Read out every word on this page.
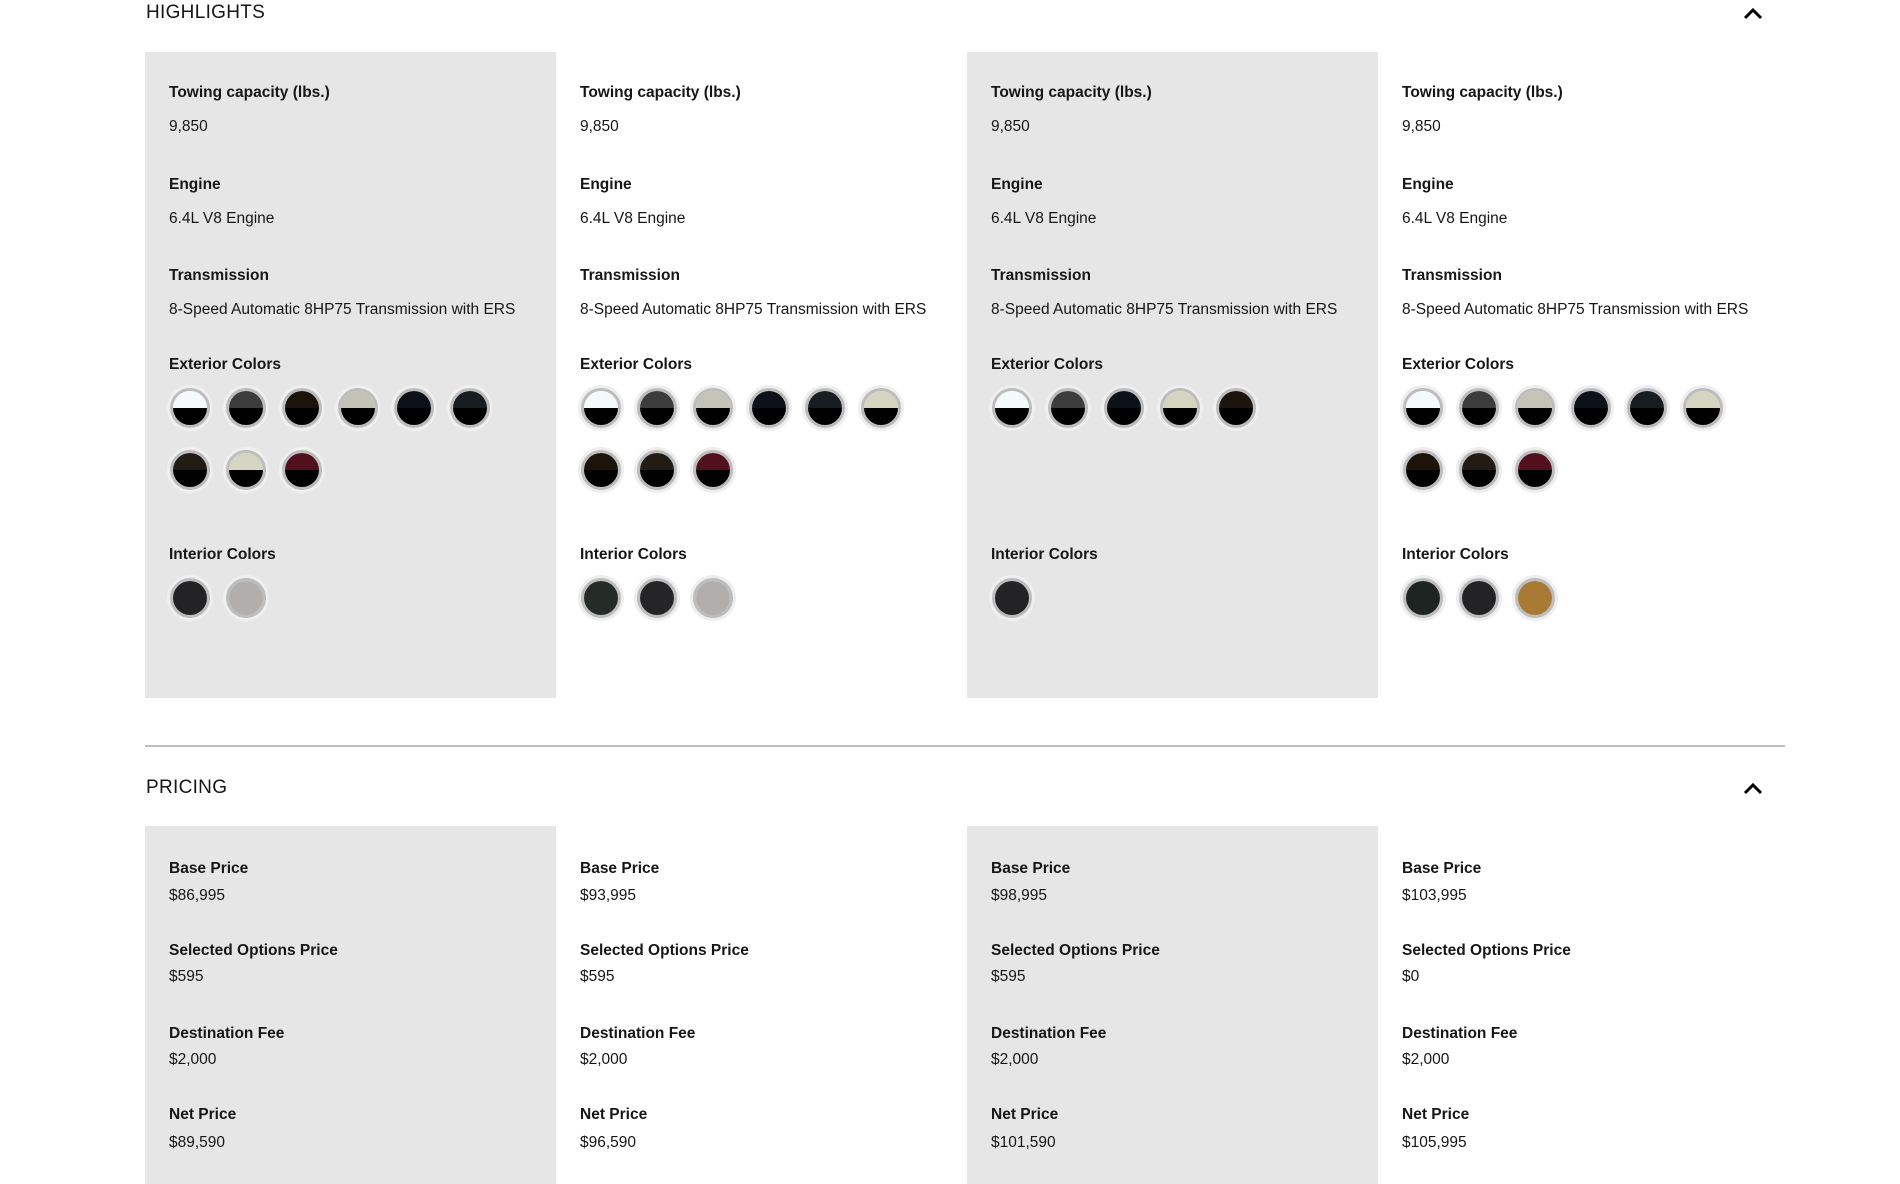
HIGHLIGHTS
Towing capacity (lbs.)
9,850
Engine
6.4L V8 Engine
Transmission
8-Speed Automatic 8HP75 Transmission with ERS
Exterior Colors
Interior Colors
Towing capacity (lbs.)
9,850
Engine
6.4L V8 Engine
Transmission
8-Speed Automatic 8HP75 Transmission with ERS
Exterior Colors
Interior Colors
Towing capacity (lbs.)
9,850
Engine
6.4L V8 Engine
Transmission
8-Speed Automatic 8HP75 Transmission with ERS
Exterior Colors
Interior Colors
Towing capacity (lbs.)
9,850
Engine
6.4L V8 Engine
Transmission
8-Speed Automatic 8HP75 Transmission with ERS
Exterior Colors
Interior Colors
PRICING
Base Price
$86,995
Selected Options Price
$595
Destination Fee
$2,000
Net Price
$89,590
Base Price
$93,995
Selected Options Price
$595
Destination Fee
$2,000
Net Price
$96,590
Base Price
$98,995
Selected Options Price
$595
Destination Fee
$2,000
Net Price
$101,590
Base Price
$103,995
Selected Options Price
$0
Destination Fee
$2,000
Net Price
$105,995
